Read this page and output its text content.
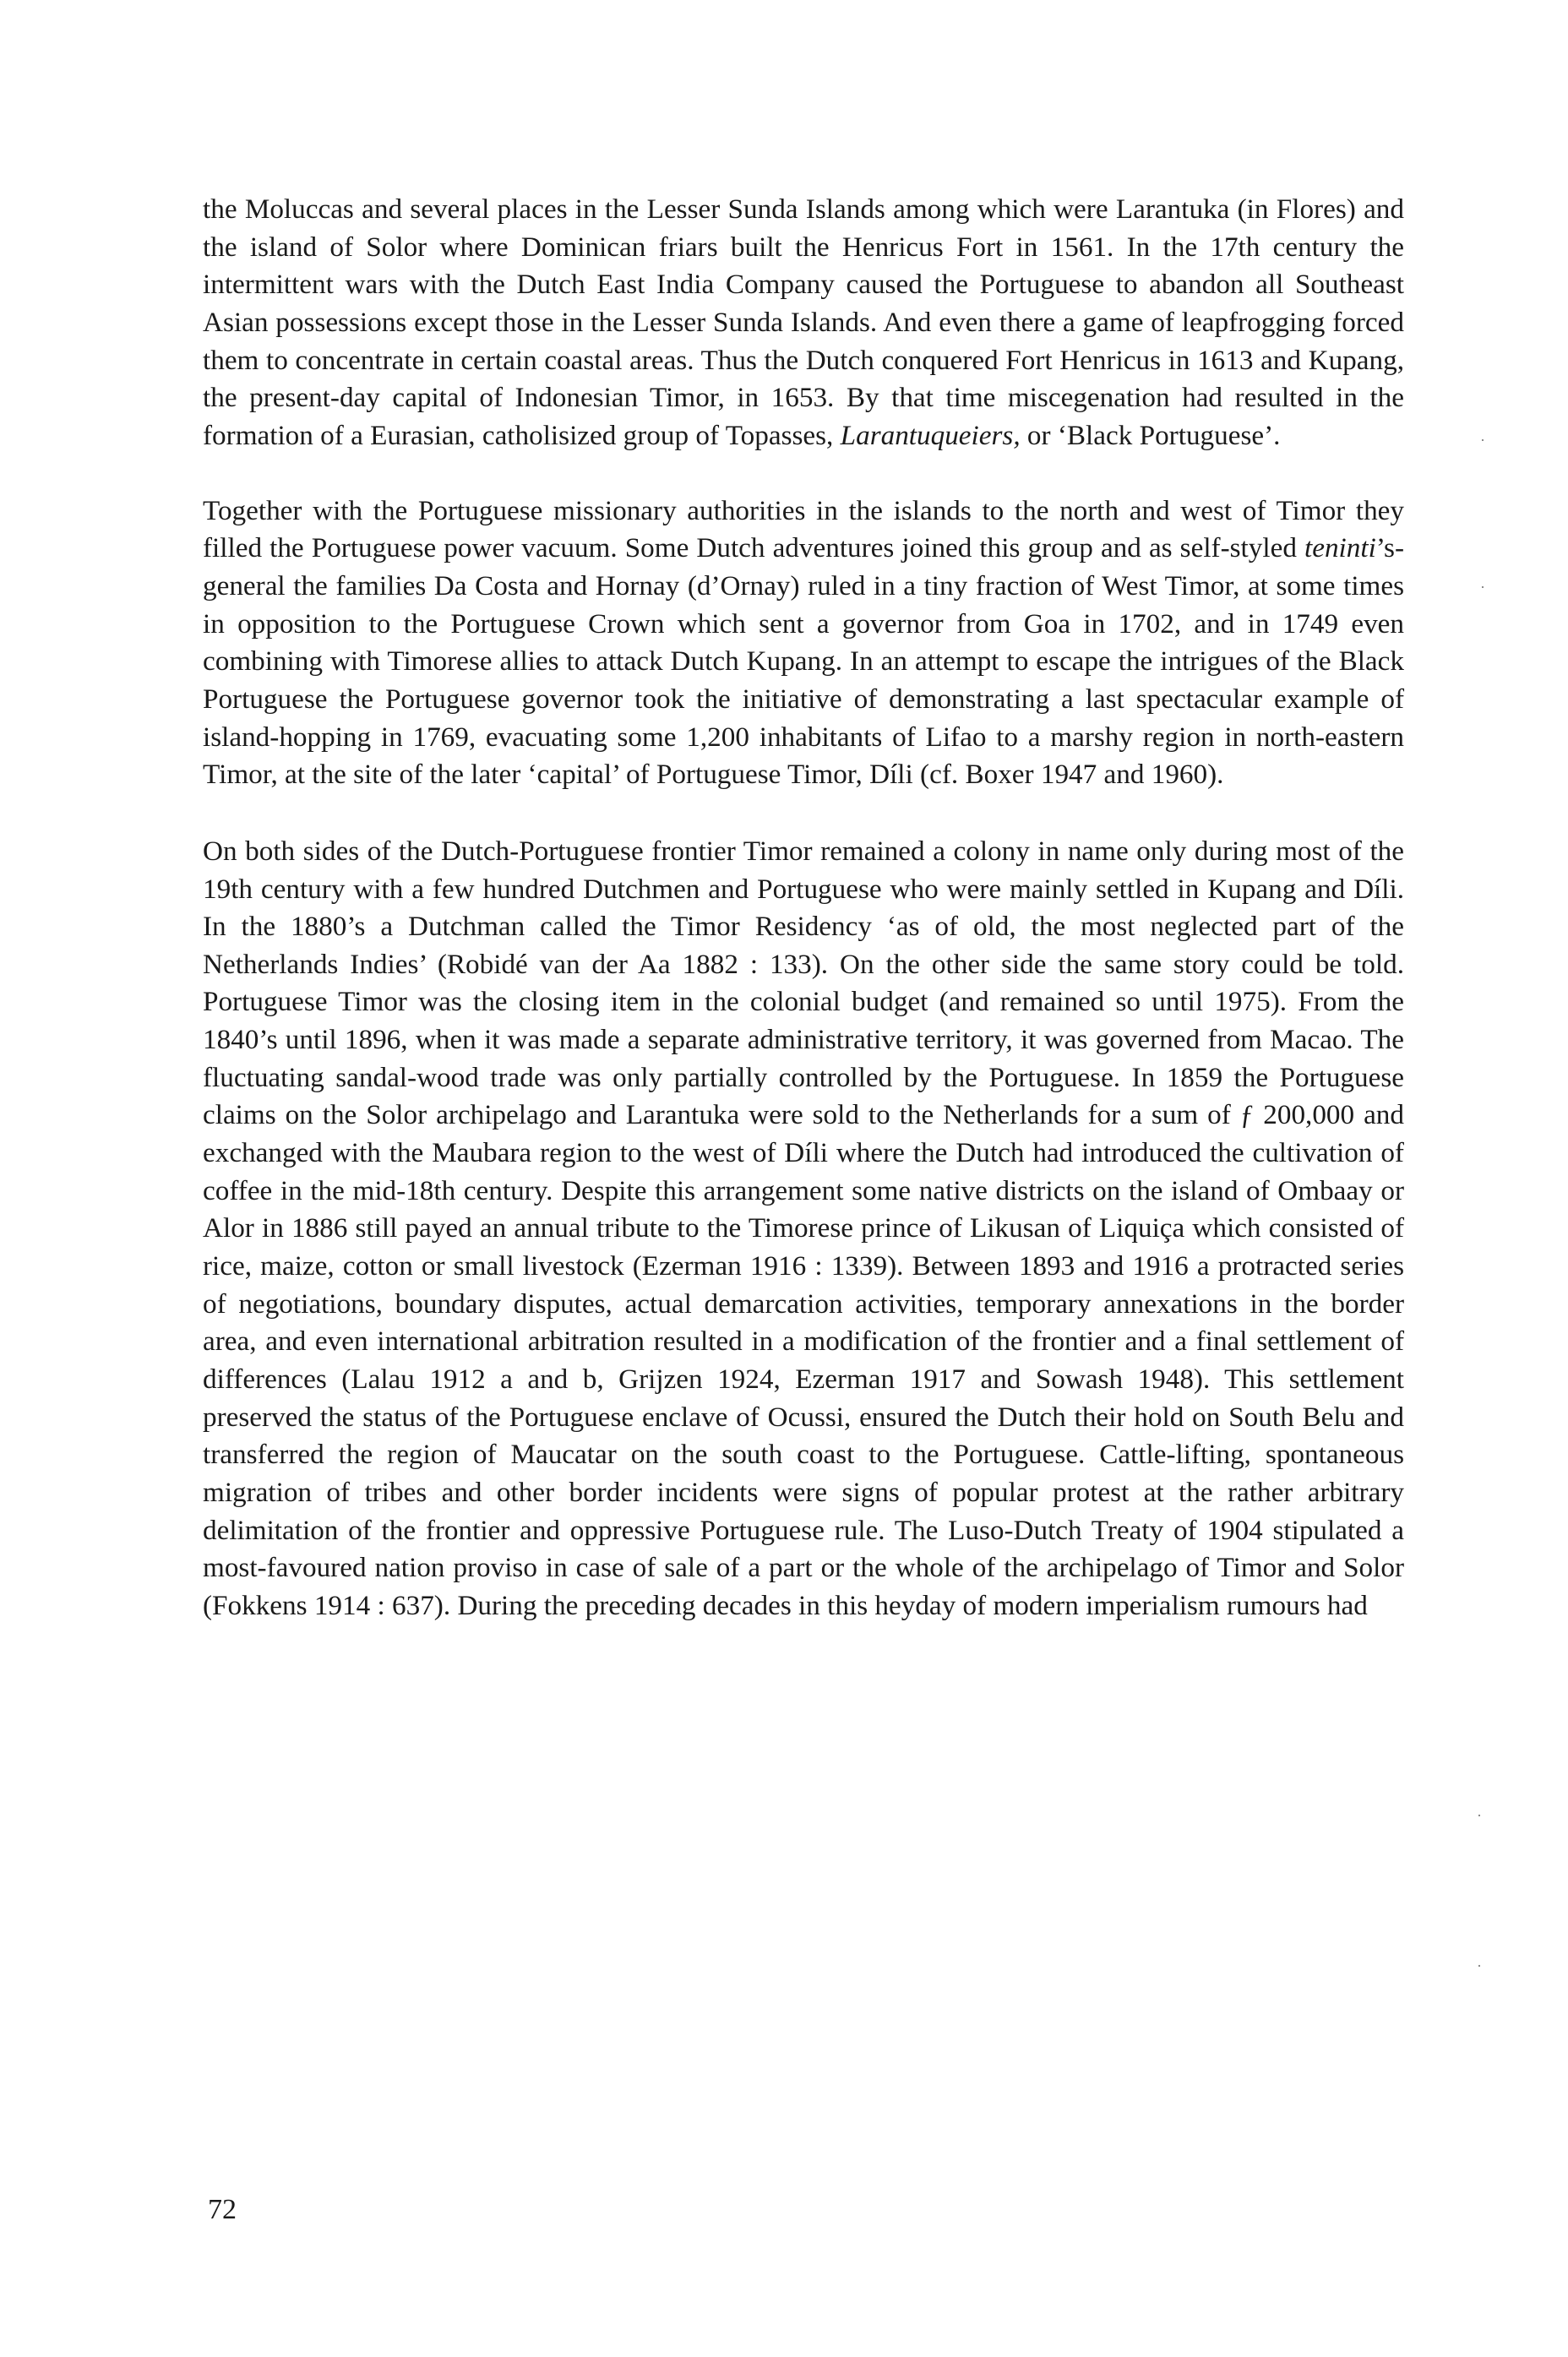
the Moluccas and several places in the Lesser Sunda Islands among which were Larantuka (in Flores) and the island of Solor where Dominican friars built the Henricus Fort in 1561. In the 17th century the intermittent wars with the Dutch East India Company caused the Portuguese to abandon all Southeast Asian possessions except those in the Lesser Sunda Islands. And even there a game of leapfrogging forced them to concentrate in certain coastal areas. Thus the Dutch conquered Fort Henricus in 1613 and Kupang, the present-day capital of Indonesian Timor, in 1653. By that time miscegenation had resulted in the formation of a Eurasian, catholisized group of Topasses, Larantuqueiers, or ‘Black Portuguese’.

Together with the Portuguese missionary authorities in the islands to the north and west of Timor they filled the Portuguese power vacuum. Some Dutch adventures joined this group and as self-styled teninti’s-general the families Da Costa and Hornay (d’Ornay) ruled in a tiny fraction of West Timor, at some times in opposition to the Portuguese Crown which sent a governor from Goa in 1702, and in 1749 even combining with Timorese allies to attack Dutch Kupang. In an attempt to escape the intrigues of the Black Portuguese the Portuguese governor took the initiative of demonstrating a last spectacular example of island-hopping in 1769, evacuating some 1,200 inhabitants of Lifao to a marshy region in north-eastern Timor, at the site of the later ‘capital’ of Portuguese Timor, Díli (cf. Boxer 1947 and 1960).

On both sides of the Dutch-Portuguese frontier Timor remained a colony in name only during most of the 19th century with a few hundred Dutchmen and Portuguese who were mainly settled in Kupang and Díli. In the 1880’s a Dutchman called the Timor Residency ‘as of old, the most neglected part of the Netherlands Indies’ (Robidé van der Aa 1882 : 133). On the other side the same story could be told. Portuguese Timor was the closing item in the colonial budget (and remained so until 1975). From the 1840’s until 1896, when it was made a separate administrative territory, it was governed from Macao. The fluctuating sandal-wood trade was only partially controlled by the Portuguese. In 1859 the Portuguese claims on the Solor archipelago and Larantuka were sold to the Netherlands for a sum of ƒ 200,000 and exchanged with the Maubara region to the west of Díli where the Dutch had introduced the cultivation of coffee in the mid-18th century. Despite this arrangement some native districts on the island of Ombaay or Alor in 1886 still payed an annual tribute to the Timorese prince of Likusan of Liquiça which consisted of rice, maize, cotton or small livestock (Ezerman 1916 : 1339). Between 1893 and 1916 a protracted series of negotiations, boundary disputes, actual demarcation activities, temporary annexations in the border area, and even international arbitration resulted in a modification of the frontier and a final settlement of differences (Lalau 1912 a and b, Grijzen 1924, Ezerman 1917 and Sowash 1948). This settlement preserved the status of the Portuguese enclave of Ocussi, ensured the Dutch their hold on South Belu and transferred the region of Maucatar on the south coast to the Portuguese. Cattle-lifting, spontaneous migration of tribes and other border incidents were signs of popular protest at the rather arbitrary delimitation of the frontier and oppressive Portuguese rule. The Luso-Dutch Treaty of 1904 stipulated a most-favoured nation proviso in case of sale of a part or the whole of the archipelago of Timor and Solor (Fokkens 1914 : 637). During the preceding decades in this heyday of modern imperialism rumours had

72
·
·
·
·
